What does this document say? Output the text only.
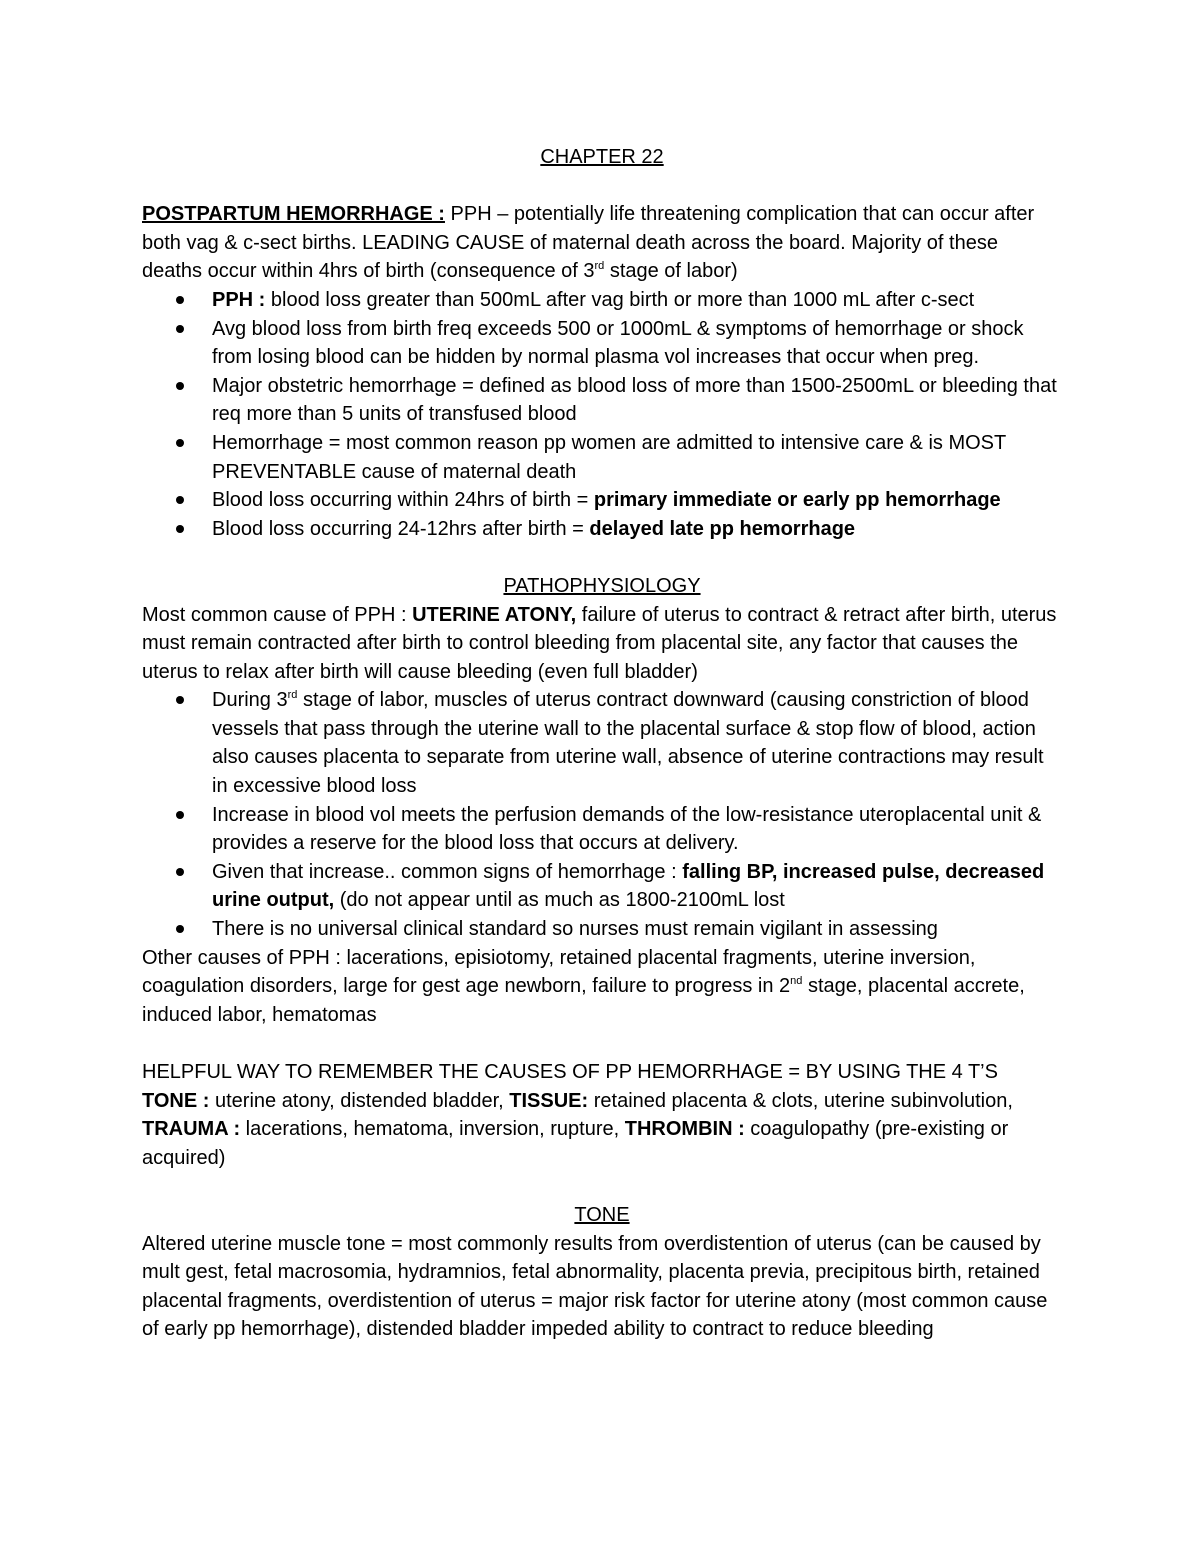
CHAPTER 22

POSTPARTUM HEMORRHAGE : PPH – potentially life threatening complication that can occur after both vag & c-sect births. LEADING CAUSE of maternal death across the board. Majority of these deaths occur within 4hrs of birth (consequence of 3rd stage of labor)

PPH : blood loss greater than 500mL after vag birth or more than 1000 mL after c-sect
Avg blood loss from birth freq exceeds 500 or 1000mL & symptoms of hemorrhage or shock from losing blood can be hidden by normal plasma vol increases that occur when preg.
Major obstetric hemorrhage = defined as blood loss of more than 1500-2500mL or bleeding that req more than 5 units of transfused blood
Hemorrhage = most common reason pp women are admitted to intensive care & is MOST PREVENTABLE cause of maternal death
Blood loss occurring within 24hrs of birth = primary immediate or early pp hemorrhage
Blood loss occurring 24-12hrs after birth = delayed late pp hemorrhage

PATHOPHYSIOLOGY

Most common cause of PPH : UTERINE ATONY, failure of uterus to contract & retract after birth, uterus must remain contracted after birth to control bleeding from placental site, any factor that causes the uterus to relax after birth will cause bleeding (even full bladder)

During 3rd stage of labor, muscles of uterus contract downward (causing constriction of blood vessels that pass through the uterine wall to the placental surface & stop flow of blood, action also causes placenta to separate from uterine wall, absence of uterine contractions may result in excessive blood loss
Increase in blood vol meets the perfusion demands of the low-resistance uteroplacental unit & provides a reserve for the blood loss that occurs at delivery.
Given that increase.. common signs of hemorrhage : falling BP, increased pulse, decreased urine output, (do not appear until as much as 1800-2100mL lost
There is no universal clinical standard so nurses must remain vigilant in assessing

Other causes of PPH : lacerations, episiotomy, retained placental fragments, uterine inversion, coagulation disorders, large for gest age newborn, failure to progress in 2nd stage, placental accrete, induced labor, hematomas

HELPFUL WAY TO REMEMBER THE CAUSES OF PP HEMORRHAGE = BY USING THE 4 T’S

TONE : uterine atony, distended bladder, TISSUE: retained placenta & clots, uterine subinvolution, TRAUMA : lacerations, hematoma, inversion, rupture, THROMBIN : coagulopathy (pre-existing or acquired)

TONE

Altered uterine muscle tone = most commonly results from overdistention of uterus (can be caused by mult gest, fetal macrosomia, hydramnios, fetal abnormality, placenta previa, precipitous birth, retained placental fragments, overdistention of uterus = major risk factor for uterine atony (most common cause of early pp hemorrhage), distended bladder impeded ability to contract to reduce bleeding
